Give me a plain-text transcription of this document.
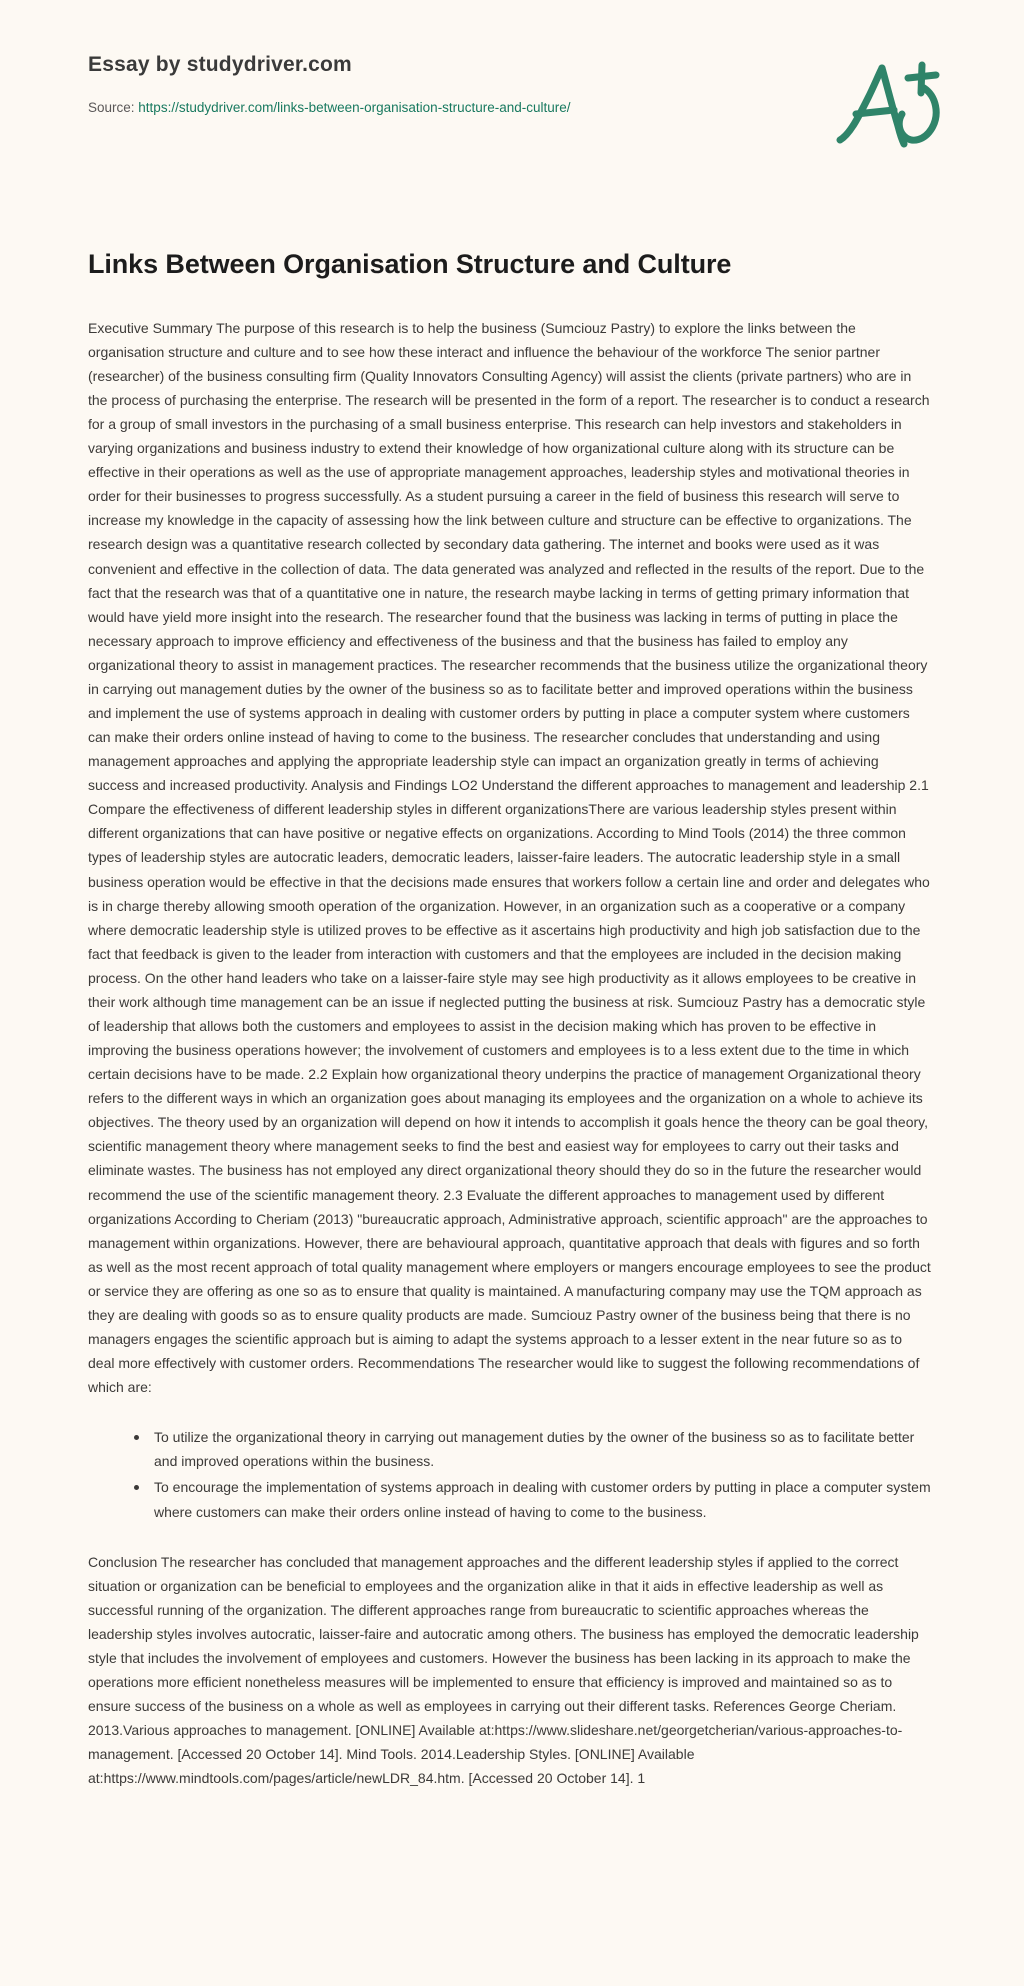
Essay by studydriver.com
Source: https://studydriver.com/links-between-organisation-structure-and-culture/
Links Between Organisation Structure and Culture

Executive Summary The purpose of this research is to help the business (Sumciouz Pastry) to explore the links between the organisation structure and culture and to see how these interact and influence the behaviour of the workforce The senior partner (researcher) of the business consulting firm (Quality Innovators Consulting Agency) will assist the clients (private partners) who are in the process of purchasing the enterprise. The research will be presented in the form of a report. The researcher is to conduct a research for a group of small investors in the purchasing of a small business enterprise. This research can help investors and stakeholders in varying organizations and business industry to extend their knowledge of how organizational culture along with its structure can be effective in their operations as well as the use of appropriate management approaches, leadership styles and motivational theories in order for their businesses to progress successfully. As a student pursuing a career in the field of business this research will serve to increase my knowledge in the capacity of assessing how the link between culture and structure can be effective to organizations. The research design was a quantitative research collected by secondary data gathering. The internet and books were used as it was convenient and effective in the collection of data. The data generated was analyzed and reflected in the results of the report. Due to the fact that the research was that of a quantitative one in nature, the research maybe lacking in terms of getting primary information that would have yield more insight into the research. The researcher found that the business was lacking in terms of putting in place the necessary approach to improve efficiency and effectiveness of the business and that the business has failed to employ any organizational theory to assist in management practices. The researcher recommends that the business utilize the organizational theory in carrying out management duties by the owner of the business so as to facilitate better and improved operations within the business and implement the use of systems approach in dealing with customer orders by putting in place a computer system where customers can make their orders online instead of having to come to the business. The researcher concludes that understanding and using management approaches and applying the appropriate leadership style can impact an organization greatly in terms of achieving success and increased productivity. Analysis and Findings LO2 Understand the different approaches to management and leadership 2.1 Compare the effectiveness of different leadership styles in different organizationsThere are various leadership styles present within different organizations that can have positive or negative effects on organizations. According to Mind Tools (2014) the three common types of leadership styles are autocratic leaders, democratic leaders, laisser-faire leaders. The autocratic leadership style in a small business operation would be effective in that the decisions made ensures that workers follow a certain line and order and delegates who is in charge thereby allowing smooth operation of the organization. However, in an organization such as a cooperative or a company where democratic leadership style is utilized proves to be effective as it ascertains high productivity and high job satisfaction due to the fact that feedback is given to the leader from interaction with customers and that the employees are included in the decision making process. On the other hand leaders who take on a laisser-faire style may see high productivity as it allows employees to be creative in their work although time management can be an issue if neglected putting the business at risk. Sumciouz Pastry has a democratic style of leadership that allows both the customers and employees to assist in the decision making which has proven to be effective in improving the business operations however; the involvement of customers and employees is to a less extent due to the time in which certain decisions have to be made. 2.2 Explain how organizational theory underpins the practice of management Organizational theory refers to the different ways in which an organization goes about managing its employees and the organization on a whole to achieve its objectives. The theory used by an organization will depend on how it intends to accomplish it goals hence the theory can be goal theory, scientific management theory where management seeks to find the best and easiest way for employees to carry out their tasks and eliminate wastes. The business has not employed any direct organizational theory should they do so in the future the researcher would recommend the use of the scientific management theory. 2.3 Evaluate the different approaches to management used by different organizations According to Cheriam (2013) "bureaucratic approach, Administrative approach, scientific approach" are the approaches to management within organizations. However, there are behavioural approach, quantitative approach that deals with figures and so forth as well as the most recent approach of total quality management where employers or mangers encourage employees to see the product or service they are offering as one so as to ensure that quality is maintained. A manufacturing company may use the TQM approach as they are dealing with goods so as to ensure quality products are made. Sumciouz Pastry owner of the business being that there is no managers engages the scientific approach but is aiming to adapt the systems approach to a lesser extent in the near future so as to deal more effectively with customer orders. Recommendations The researcher would like to suggest the following recommendations of which are:

To utilize the organizational theory in carrying out management duties by the owner of the business so as to facilitate better and improved operations within the business.
To encourage the implementation of systems approach in dealing with customer orders by putting in place a computer system where customers can make their orders online instead of having to come to the business.

Conclusion The researcher has concluded that management approaches and the different leadership styles if applied to the correct situation or organization can be beneficial to employees and the organization alike in that it aids in effective leadership as well as successful running of the organization. The different approaches range from bureaucratic to scientific approaches whereas the leadership styles involves autocratic, laisser-faire and autocratic among others. The business has employed the democratic leadership style that includes the involvement of employees and customers. However the business has been lacking in its approach to make the operations more efficient nonetheless measures will be implemented to ensure that efficiency is improved and maintained so as to ensure success of the business on a whole as well as employees in carrying out their different tasks. References George Cheriam. 2013.Various approaches to management. [ONLINE] Available at:https://www.slideshare.net/georgetcherian/various-approaches-to-management. [Accessed 20 October 14]. Mind Tools. 2014.Leadership Styles. [ONLINE] Available at:https://www.mindtools.com/pages/article/newLDR_84.htm. [Accessed 20 October 14]. 1
